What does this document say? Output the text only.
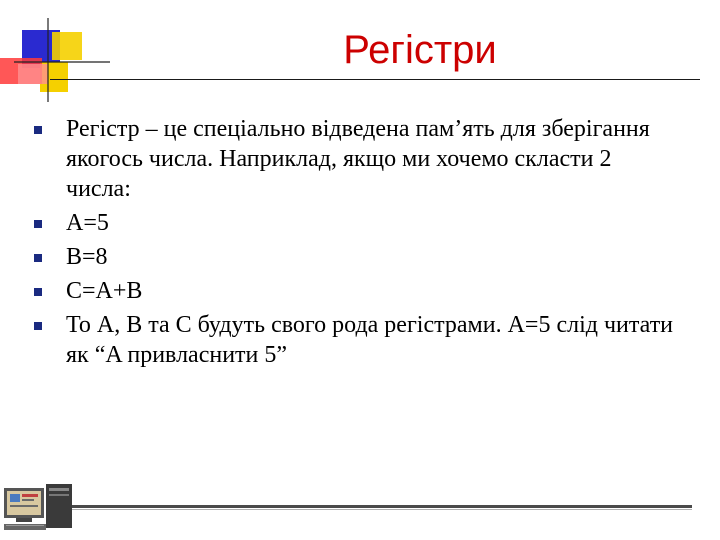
Регістри
Регістр – це спеціально відведена пам’ять для зберігання якогось числа. Наприклад, якщо ми хочемо скласти 2 числа:
A=5
B=8
C=A+B
То A, B та C будуть свого рода регістрами. A=5 слід читати як “A привласнити 5”
